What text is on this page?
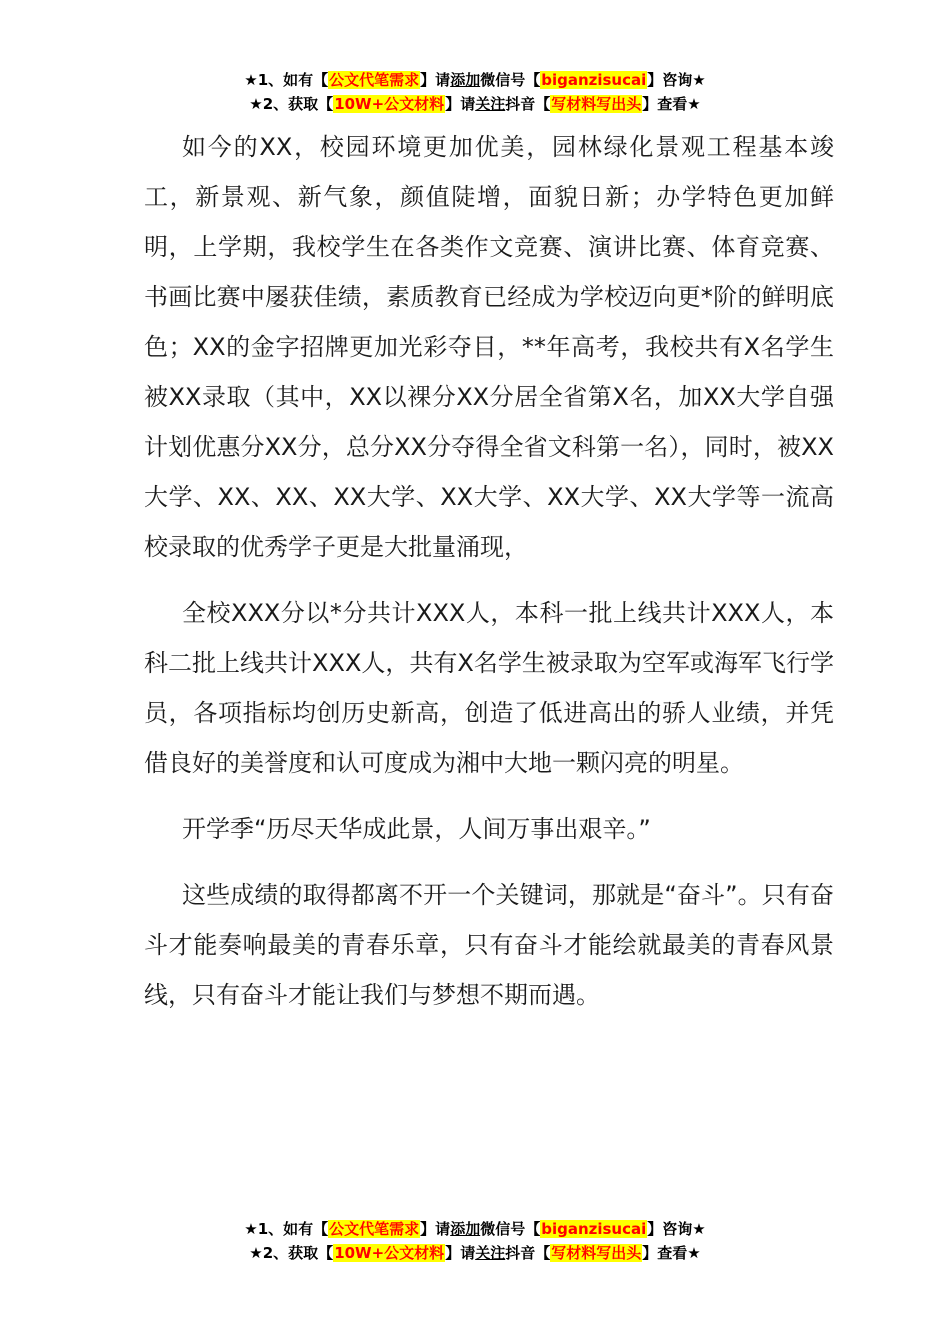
★1、如有【公文代笔需求】请添加微信号【biganzisucai】咨询★
★2、获取【10W+公文材料】请关注抖音【写材料写出头】查看★

如今的XX，校园环境更加优美，园林绿化景观工程基本竣工，新景观、新气象，颜值陡增，面貌日新；办学特色更加鲜明，上学期，我校学生在各类作文竞赛、演讲比赛、体育竞赛、书画比赛中屡获佳绩，素质教育已经成为学校迈向更*阶的鲜明底色；XX的金字招牌更加光彩夺目，**年高考，我校共有X名学生被XX录取（其中，XX以裸分XX分居全省第X名，加XX大学自强计划优惠分XX分，总分XX分夺得全省文科第一名），同时，被XX大学、XX、XX、XX大学、XX大学、XX大学、XX大学等一流高校录取的优秀学子更是大批量涌现，

全校XXX分以*分共计XXX人，本科一批上线共计XXX人，本科二批上线共计XXX人，共有X名学生被录取为空军或海军飞行学员，各项指标均创历史新高，创造了低进高出的骄人业绩，并凭借良好的美誉度和认可度成为湘中大地一颗闪亮的明星。

开学季“历尽天华成此景，人间万事出艰辛。”

这些成绩的取得都离不开一个关键词，那就是“奋斗”。只有奋斗才能奏响最美的青春乐章，只有奋斗才能绘就最美的青春风景线，只有奋斗才能让我们与梦想不期而遇。

★1、如有【公文代笔需求】请添加微信号【biganzisucai】咨询★
★2、获取【10W+公文材料】请关注抖音【写材料写出头】查看★
